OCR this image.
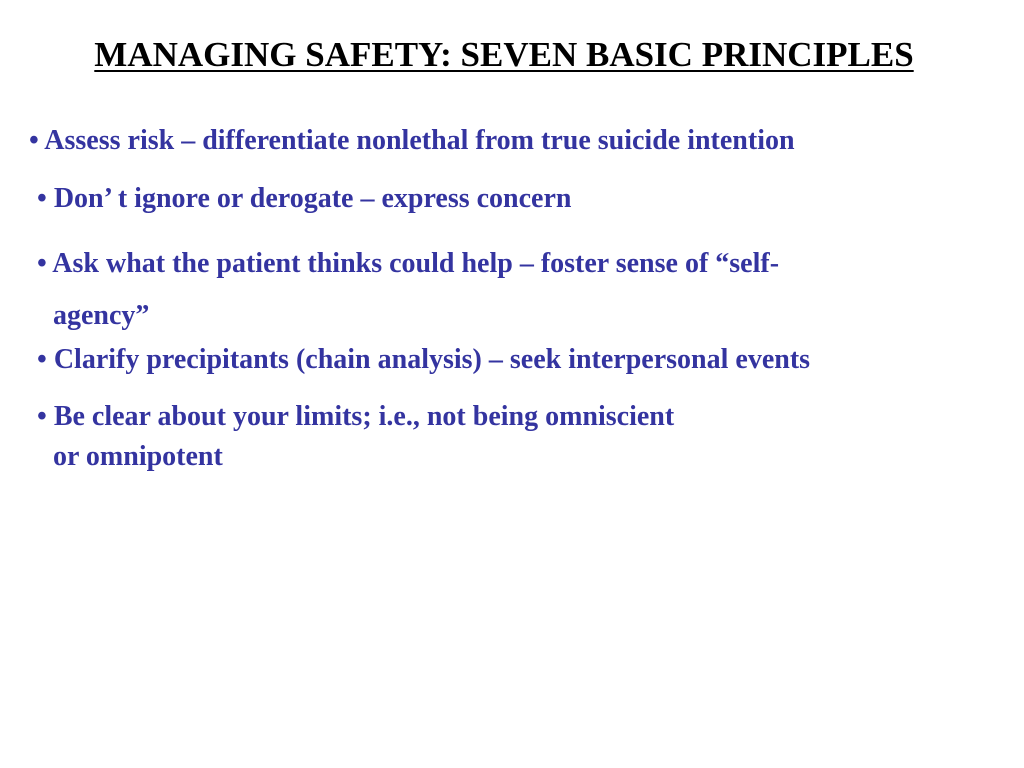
MANAGING SAFETY: SEVEN BASIC PRINCIPLES
• Assess risk – differentiate nonlethal from true suicide intention
• Don’ t ignore or derogate – express concern
• Ask what the patient thinks could help – foster sense of “self-
agency”
• Clarify precipitants (chain analysis) – seek interpersonal events
• Be clear about your limits; i.e., not being omniscient
or omnipotent
